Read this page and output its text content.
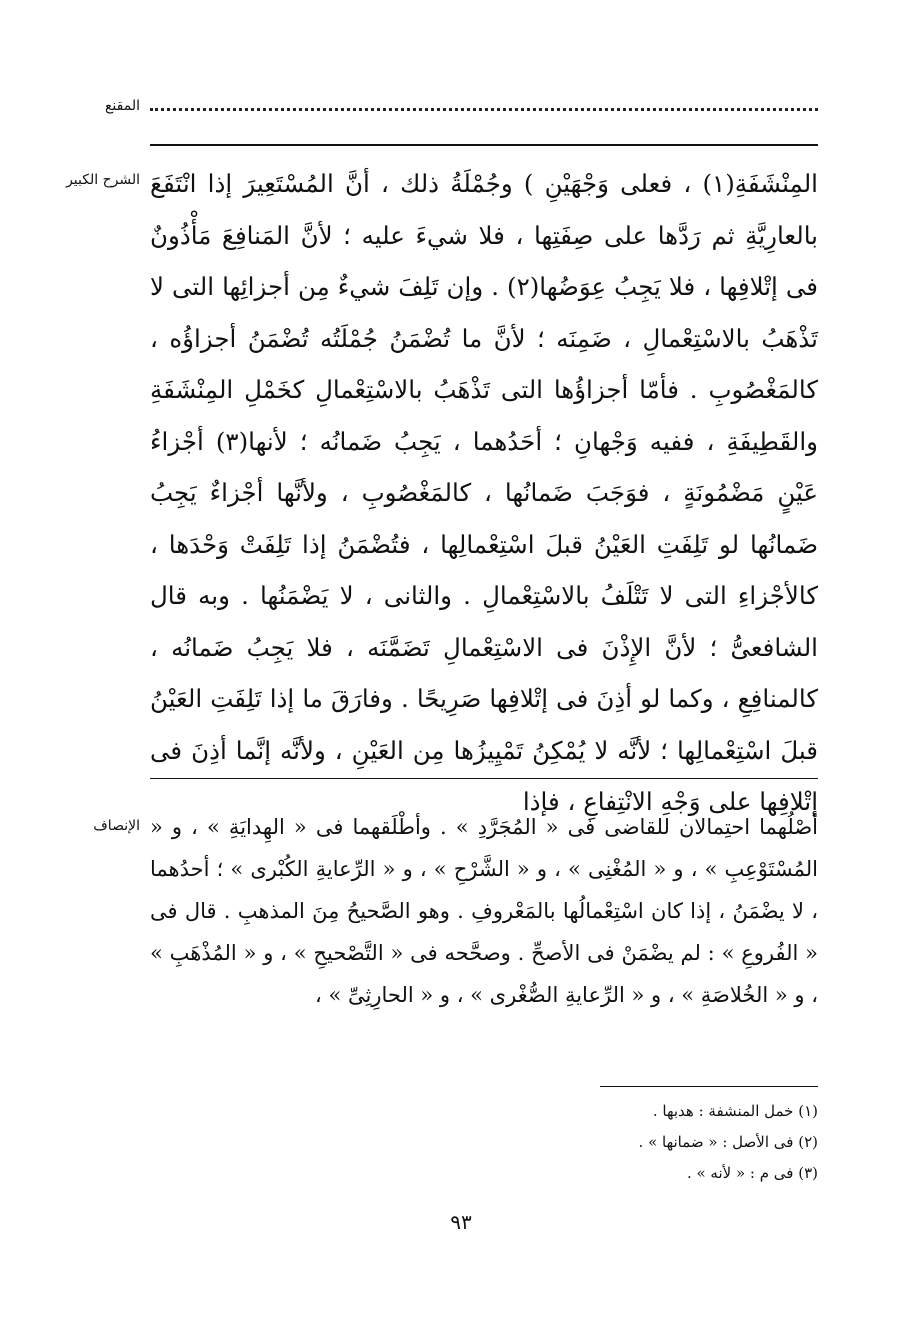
المقنع
الشرح الكبير المِنْشَفَةِ(١) ، فعلى وَجْهَيْنِ ) وجُمْلَةُ ذلك ، أنَّ المُسْتَعِيرَ إذا انْتَفَعَ بالعارِيَّةِ ثم رَدَّها على صِفَتِها ، فلا شيءَ عليه ؛ لأنَّ المَنافِعَ مَأْذُونٌ فى إتْلافِها ، فلا يَجِبُ عِوَضُها(٢) . وإن تَلِفَ شيءٌ مِن أجزائِها التى لا تَذْهَبُ بالاسْتِعْمالِ ، ضَمِنَه ؛ لأنَّ ما تُضْمَنُ جُمْلَتُه تُضْمَنُ أجزاؤُه ، كالمَغْصُوبِ . فأمّا أجزاؤُها التى تَذْهَبُ بالاسْتِعْمالِ كخَمْلِ المِنْشَفَةِ والقَطِيفَةِ ، ففيه وَجْهانِ ؛ أحَدُهما ، يَجِبُ ضَمانُه ؛ لأنها(٣) أجْزاءُ عَيْنٍ مَضْمُونَةٍ ، فوَجَبَ ضَمانُها ، كالمَغْصُوبِ ، ولأنَّها أجْزاءٌ يَجِبُ ضَمانُها لو تَلِفَتِ العَيْنُ قبلَ اسْتِعْمالِها ، فتُضْمَنُ إذا تَلِفَتْ وَحْدَها ، كالأجْزاءِ التى لا تَتْلَفُ بالاسْتِعْمالِ . والثانى ، لا يَضْمَنُها . وبه قال الشافعىُّ ؛ لأنَّ الإِذْنَ فى الاسْتِعْمالِ تَضَمَّنَه ، فلا يَجِبُ ضَمانُه ، كالمنافِعِ ، وكما لو أذِنَ فى إتْلافِها صَرِيحًا . وفارَقَ ما إذا تَلِفَتِ العَيْنُ قبلَ اسْتِعْمالِها ؛ لأنَّه لا يُمْكِنُ تَمْيِيزُها مِن العَيْنِ ، ولأنَّه إنَّما أذِنَ فى إتْلافِها على وَجْهِ الانْتِفاعِ ، فإذا

الإنصاف أصْلُهما احتِمالان للقاضى فى « المُجَرَّدِ » . وأطْلَقهما فى « الهِدايَةِ » ، و « المُسْتَوْعِبِ » ، و « المُغْنِى » ، و « الشَّرْحِ » ، و « الرِّعايةِ الكُبْرى » ؛ أحدُهما ، لا يضْمَنُ ، إذا كان اسْتِعْمالُها بالمَعْروفِ . وهو الصَّحيحُ مِنَ المذهبِ . قال فى « الفُروعِ » : لم يضْمَنْ فى الأصحِّ . وصحَّحه فى « التَّصْحيحِ » ، و « المُذْهَبِ » ، و « الخُلاصَةِ » ، و « الرِّعايةِ الصُّغْرى » ، و « الحارِثِىِّ » ،

(١) خمل المنشفة : هدبها .

(٢) فى الأصل : « ضمانها » .

(٣) فى م : « لأنه » .

٩٣
